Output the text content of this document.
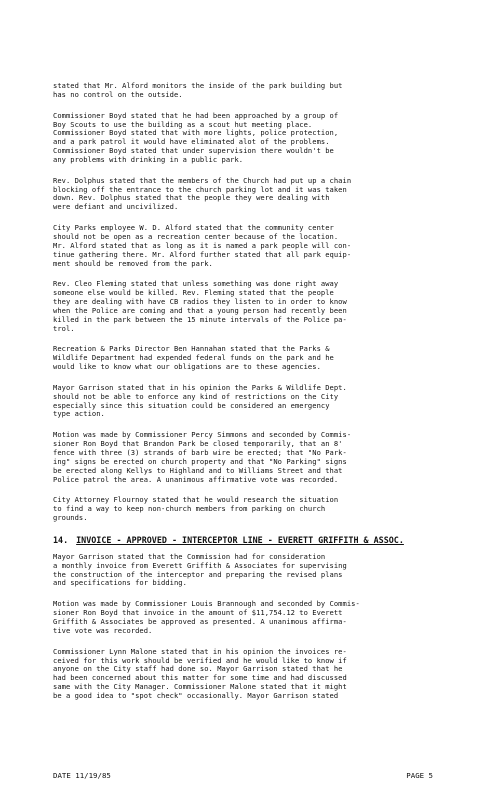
stated that Mr. Alford monitors the inside of the park building but
has no control on the outside.

Commissioner Boyd stated that he had been approached by a group of
Boy Scouts to use the building as a scout hut meeting place.
Commissioner Boyd stated that with more lights, police protection,
and a park patrol it would have eliminated alot of the problems.
Commissioner Boyd stated that under supervision there wouldn't be
any problems with drinking in a public park.

Rev. Dolphus stated that the members of the Church had put up a chain
blocking off the entrance to the church parking lot and it was taken
down. Rev. Dolphus stated that the people they were dealing with
were defiant and uncivilized.

City Parks employee W. D. Alford stated that the community center
should not be open as a recreation center because of the location.
Mr. Alford stated that as long as it is named a park people will con-
tinue gathering there. Mr. Alford further stated that all park equip-
ment should be removed from the park.

Rev. Cleo Fleming stated that unless something was done right away
someone else would be killed. Rev. Fleming stated that the people
they are dealing with have CB radios they listen to in order to know
when the Police are coming and that a young person had recently been
killed in the park between the 15 minute intervals of the Police pa-
trol.

Recreation & Parks Director Ben Hannahan stated that the Parks &
Wildlife Department had expended federal funds on the park and he
would like to know what our obligations are to these agencies.

Mayor Garrison stated that in his opinion the Parks & Wildlife Dept.
should not be able to enforce any kind of restrictions on the City
especially since this situation could be considered an emergency
type action.

Motion was made by Commissioner Percy Simmons and seconded by Commis-
sioner Ron Boyd that Brandon Park be closed temporarily, that an 8'
fence with three (3) strands of barb wire be erected; that "No Park-
ing" signs be erected on church property and that "No Parking" signs
be erected along Kellys to Highland and to Williams Street and that
Police patrol the area. A unanimous affirmative vote was recorded.

City Attorney Flournoy stated that he would research the situation
to find a way to keep non-church members from parking on church
grounds.

14. INVOICE - APPROVED - INTERCEPTOR LINE - EVERETT GRIFFITH & ASSOC.

Mayor Garrison stated that the Commission had for consideration
a monthly invoice from Everett Griffith & Associates for supervising
the construction of the interceptor and preparing the revised plans
and specifications for bidding.

Motion was made by Commissioner Louis Brannough and seconded by Commis-
sioner Ron Boyd that invoice in the amount of $11,754.12 to Everett
Griffith & Associates be approved as presented. A unanimous affirma-
tive vote was recorded.

Commissioner Lynn Malone stated that in his opinion the invoices re-
ceived for this work should be verified and he would like to know if
anyone on the City staff had done so. Mayor Garrison stated that he
had been concerned about this matter for some time and had discussed
same with the City Manager. Commissioner Malone stated that it might
be a good idea to "spot check" occasionally. Mayor Garrison stated

DATE 11/19/85	PAGE 5
